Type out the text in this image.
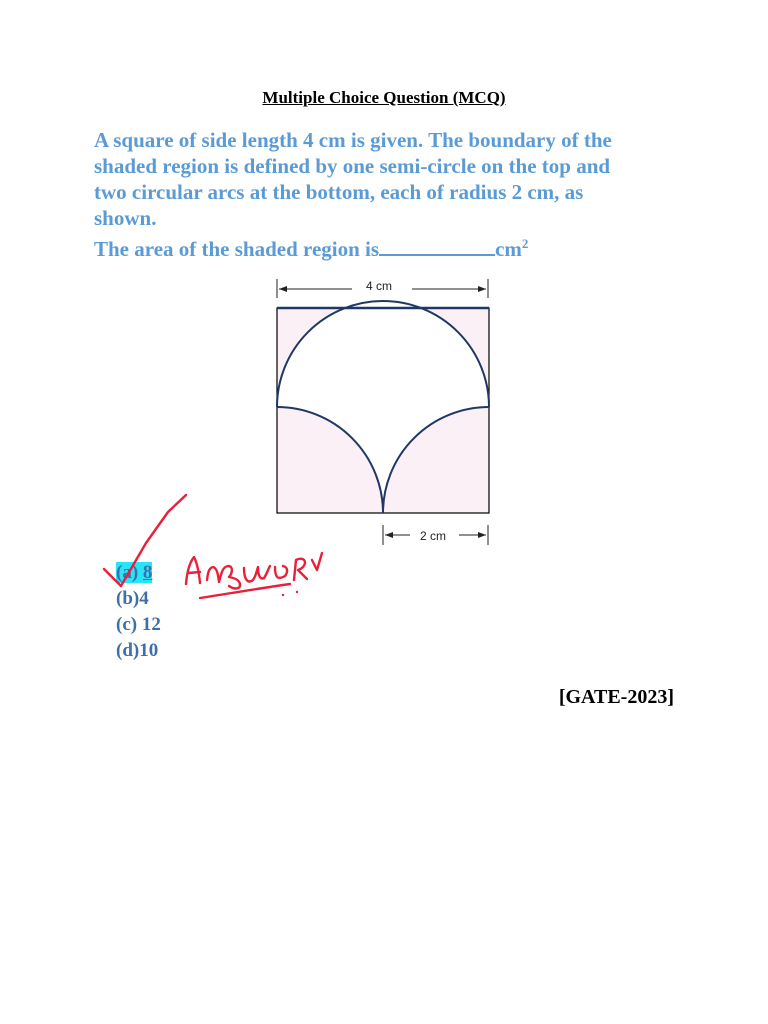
Multiple Choice Question (MCQ)
A square of side length 4 cm is given. The boundary of the
shaded region is defined by one semi-circle on the top and
two circular arcs at the bottom, each of radius 2 cm, as
shown.
The area of the shaded region is	$cm^2$
4 cm
2 cm
(a) 8
(b)4
(c) 12
(d)10
[GATE-2023]
